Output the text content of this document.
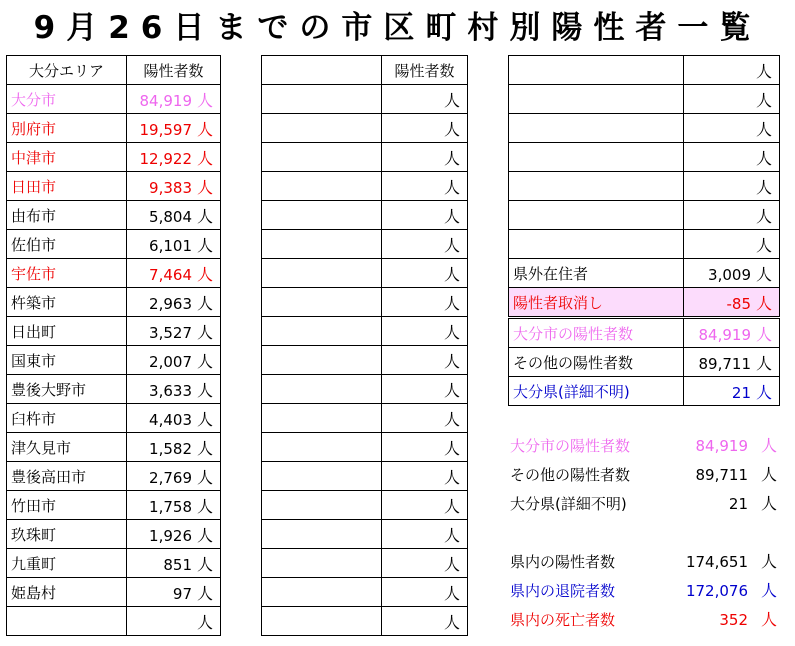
9月26日までの市区町村別陽性者一覧
大分エリア	陽性者数
大分市	84,919 人
別府市	19,597 人
中津市	12,922 人
日田市	9,383 人
由布市	5,804 人
佐伯市	6,101 人
宇佐市	7,464 人
杵築市	2,963 人
日出町	3,527 人
国東市	2,007 人
豊後大野市	3,633 人
臼杵市	4,403 人
津久見市	1,582 人
豊後高田市	2,769 人
竹田市	1,758 人
玖珠町	1,926 人
九重町	851 人
姫島村	97 人
	人
	陽性者数
	人
	人
	人
	人
	人
	人
	人
	人
	人
	人
	人
	人
	人
	人
	人
	人
	人
	人
	人
	人
	人
	人
	人
	人
	人
	人
県外在住者	3,009 人
陽性者取消し	-85 人
大分市の陽性者数	84,919 人
その他の陽性者数	89,711 人
大分県(詳細不明)	21 人
大分市の陽性者数	84,919 人
その他の陽性者数	89,711 人
大分県(詳細不明)	21 人
県内の陽性者数	174,651 人
県内の退院者数	172,076 人
県内の死亡者数	352 人
